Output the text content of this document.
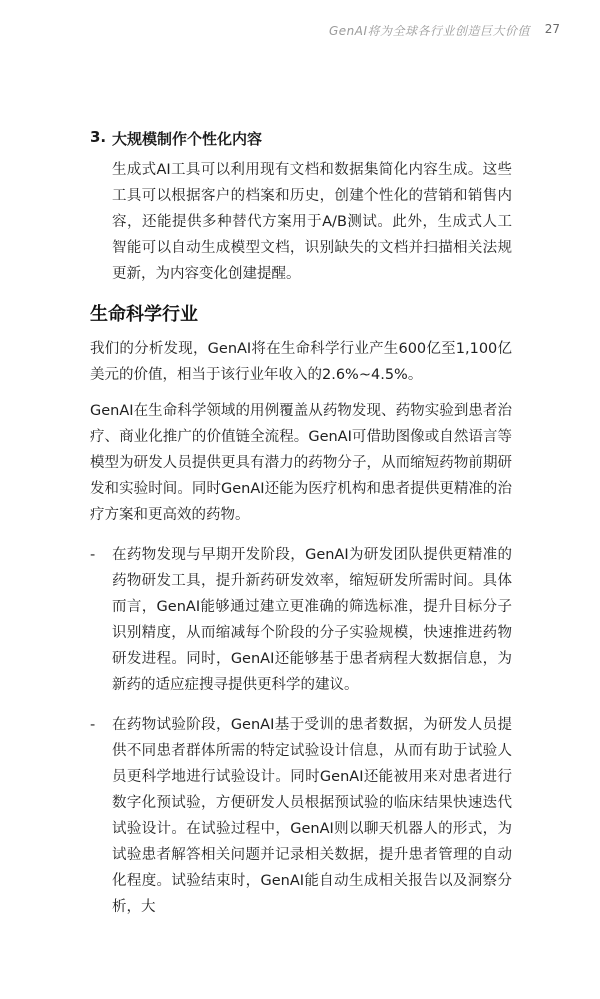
GenAI将为全球各行业创造巨大价值 27
3. 大规模制作个性化内容

生成式AI工具可以利用现有文档和数据集简化内容生成。这些工具可以根据客户的档案和历史，创建个性化的营销和销售内容，还能提供多种替代方案用于A/B测试。此外，生成式人工智能可以自动生成模型文档，识别缺失的文档并扫描相关法规更新，为内容变化创建提醒。

生命科学行业

我们的分析发现，GenAI将在生命科学行业产生600亿至1,100亿美元的价值，相当于该行业年收入的2.6%~4.5%。

GenAI在生命科学领域的用例覆盖从药物发现、药物实验到患者治疗、商业化推广的价值链全流程。GenAI可借助图像或自然语言等模型为研发人员提供更具有潜力的药物分子，从而缩短药物前期研发和实验时间。同时GenAI还能为医疗机构和患者提供更精准的治疗方案和更高效的药物。

- 在药物发现与早期开发阶段，GenAI为研发团队提供更精准的药物研发工具，提升新药研发效率，缩短研发所需时间。具体而言，GenAI能够通过建立更准确的筛选标准，提升目标分子识别精度，从而缩减每个阶段的分子实验规模，快速推进药物研发进程。同时，GenAI还能够基于患者病程大数据信息，为新药的适应症搜寻提供更科学的建议。

- 在药物试验阶段，GenAI基于受训的患者数据，为研发人员提供不同患者群体所需的特定试验设计信息，从而有助于试验人员更科学地进行试验设计。同时GenAI还能被用来对患者进行数字化预试验，方便研发人员根据预试验的临床结果快速迭代试验设计。在试验过程中，GenAI则以聊天机器人的形式，为试验患者解答相关问题并记录相关数据，提升患者管理的自动化程度。试验结束时，GenAI能自动生成相关报告以及洞察分析，大
